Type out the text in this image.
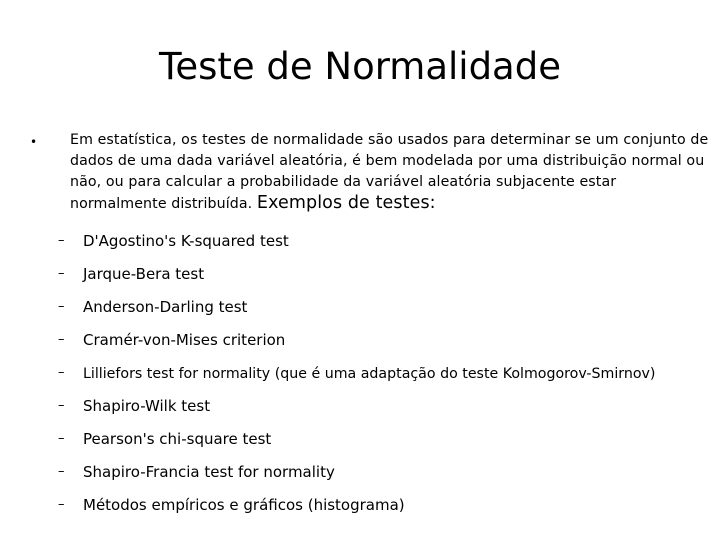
Teste de Normalidade
• Em estatística, os testes de normalidade são usados para determinar se um conjunto de dados de uma dada variável aleatória, é bem modelada por uma distribuição normal ou não, ou para calcular a probabilidade da variável aleatória subjacente estar normalmente distribuída. Exemplos de testes:
– D'Agostino's K-squared test
– Jarque-Bera test
– Anderson-Darling test
– Cramér-von-Mises criterion
– Lilliefors test for normality (que é uma adaptação do teste Kolmogorov-Smirnov)
– Shapiro-Wilk test
– Pearson's chi-square test
– Shapiro-Francia test for normality
– Métodos empíricos e gráficos (histograma)
